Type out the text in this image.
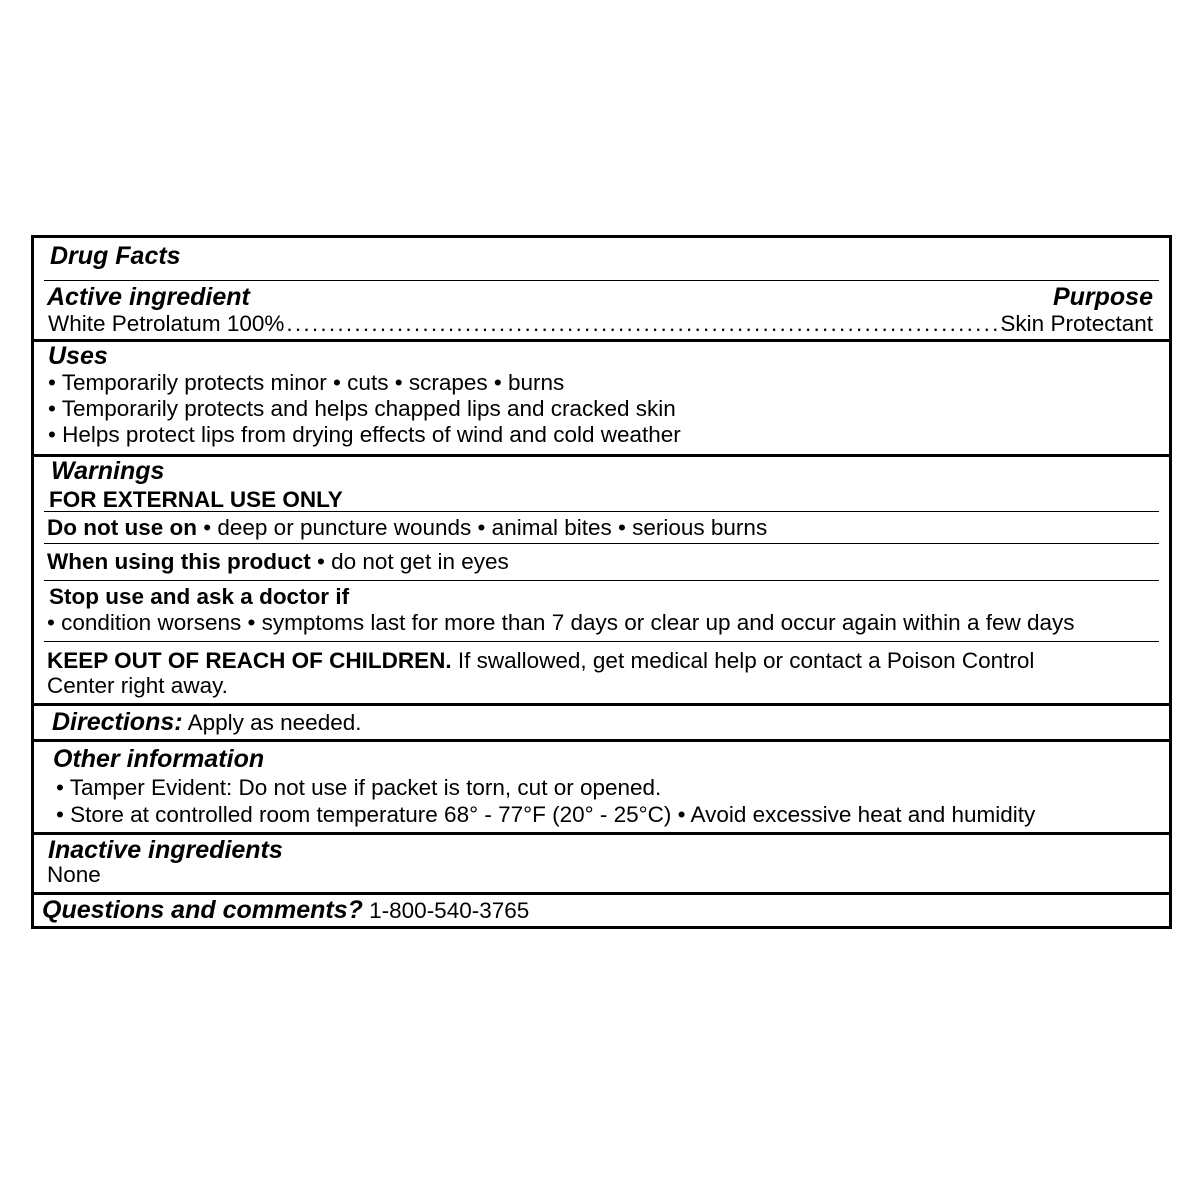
Drug Facts
Active ingredient	Purpose
White Petrolatum 100%
. . .	Skin Protectant
Uses
• Temporarily protects minor • cuts • scrapes • burns
• Temporarily protects and helps chapped lips and cracked skin
• Helps protect lips from drying effects of wind and cold weather
Warnings
FOR EXTERNAL USE ONLY
Do not use on • deep or puncture wounds • animal bites • serious burns
When using this product • do not get in eyes
Stop use and ask a doctor if
• condition worsens • symptoms last for more than 7 days or clear up and occur again within a few days
KEEP OUT OF REACH OF CHILDREN. If swallowed, get medical help or contact a Poison Control
Center right away.
Directions: Apply as needed.
Other information
• Tamper Evident: Do not use if packet is torn, cut or opened.
• Store at controlled room temperature 68° - 77°F (20° - 25°C) • Avoid excessive heat and humidity
Inactive ingredients
None
Questions and comments? 1-800-540-3765
